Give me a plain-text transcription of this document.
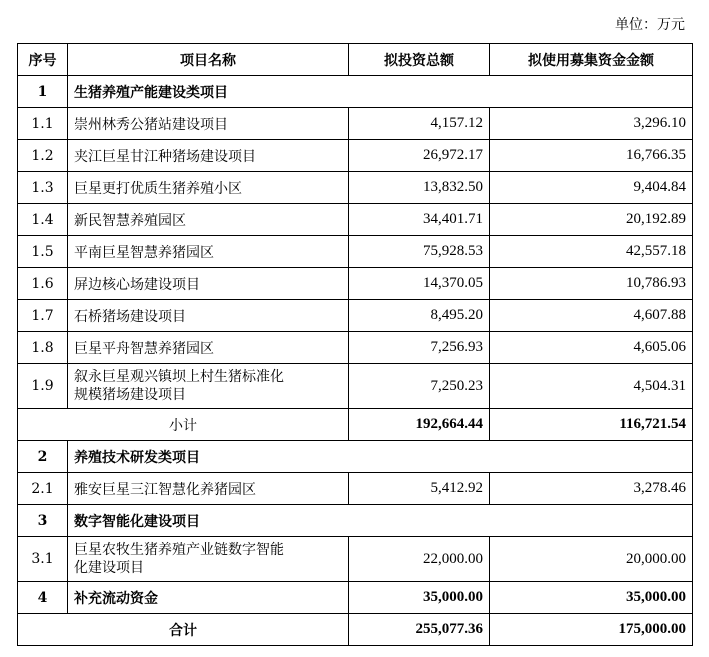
单位：万元
序号	项目名称	拟投资总额	拟使用募集资金金额
1	生猪养殖产能建设类项目		
1.1	崇州林秀公猪站建设项目	4,157.12	3,296.10
1.2	夹江巨星甘江种猪场建设项目	26,972.17	16,766.35
1.3	巨星更打优质生猪养殖小区	13,832.50	9,404.84
1.4	新民智慧养殖园区	34,401.71	20,192.89
1.5	平南巨星智慧养猪园区	75,928.53	42,557.18
1.6	屏边核心场建设项目	14,370.05	10,786.93
1.7	石桥猪场建设项目	8,495.20	4,607.88
1.8	巨星平舟智慧养猪园区	7,256.93	4,605.06
1.9	叙永巨星观兴镇坝上村生猪标准化
规模猪场建设项目	7,250.23	4,504.31
小计		192,664.44	116,721.54
2	养殖技术研发类项目		
2.1	雅安巨星三江智慧化养猪园区	5,412.92	3,278.46
3	数字智能化建设项目		
3.1	巨星农牧生猪养殖产业链数字智能
化建设项目	22,000.00	20,000.00
4	补充流动资金	35,000.00	35,000.00
合计		255,077.36	175,000.00
